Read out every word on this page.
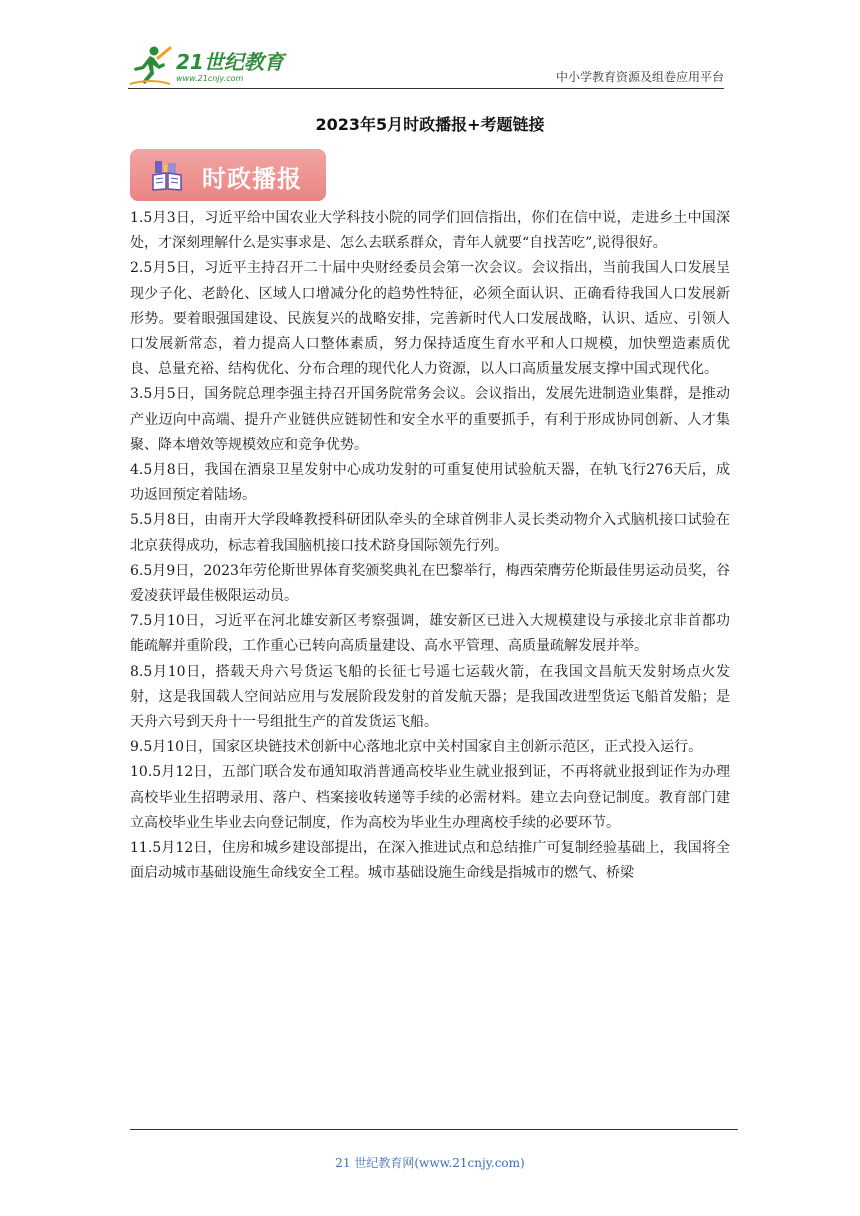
21世纪教育
www.21cnjy.com	中小学教育资源及组卷应用平台
2023年5月时政播报+考题链接
时政播报

1.5月3日，习近平给中国农业大学科技小院的同学们回信指出，你们在信中说，走进乡土中国深处，才深刻理解什么是实事求是、怎么去联系群众，青年人就要“自找苦吃”,说得很好。

2.5月5日，习近平主持召开二十届中央财经委员会第一次会议。会议指出，当前我国人口发展呈现少子化、老龄化、区域人口增减分化的趋势性特征，必须全面认识、正确看待我国人口发展新形势。要着眼强国建设、民族复兴的战略安排，完善新时代人口发展战略，认识、适应、引领人口发展新常态，着力提高人口整体素质，努力保持适度生育水平和人口规模，加快塑造素质优良、总量充裕、结构优化、分布合理的现代化人力资源，以人口高质量发展支撑中国式现代化。

3.5月5日，国务院总理李强主持召开国务院常务会议。会议指出，发展先进制造业集群，是推动产业迈向中高端、提升产业链供应链韧性和安全水平的重要抓手，有利于形成协同创新、人才集聚、降本增效等规模效应和竞争优势。

4.5月8日，我国在酒泉卫星发射中心成功发射的可重复使用试验航天器，在轨飞行276天后，成功返回预定着陆场。

5.5月8日，由南开大学段峰教授科研团队牵头的全球首例非人灵长类动物介入式脑机接口试验在北京获得成功，标志着我国脑机接口技术跻身国际领先行列。

6.5月9日，2023年劳伦斯世界体育奖颁奖典礼在巴黎举行，梅西荣膺劳伦斯最佳男运动员奖，谷爱凌获评最佳极限运动员。

7.5月10日，习近平在河北雄安新区考察强调，雄安新区已进入大规模建设与承接北京非首都功能疏解并重阶段，工作重心已转向高质量建设、高水平管理、高质量疏解发展并举。

8.5月10日，搭载天舟六号货运飞船的长征七号遥七运载火箭，在我国文昌航天发射场点火发射，这是我国载人空间站应用与发展阶段发射的首发航天器；是我国改进型货运飞船首发船；是天舟六号到天舟十一号组批生产的首发货运飞船。

9.5月10日，国家区块链技术创新中心落地北京中关村国家自主创新示范区，正式投入运行。

10.5月12日，五部门联合发布通知取消普通高校毕业生就业报到证，不再将就业报到证作为办理高校毕业生招聘录用、落户、档案接收转递等手续的必需材料。建立去向登记制度。教育部门建立高校毕业生毕业去向登记制度，作为高校为毕业生办理离校手续的必要环节。

11.5月12日，住房和城乡建设部提出，在深入推进试点和总结推广可复制经验基础上，我国将全面启动城市基础设施生命线安全工程。城市基础设施生命线是指城市的燃气、桥梁

21 世纪教育网(www.21cnjy.com)
